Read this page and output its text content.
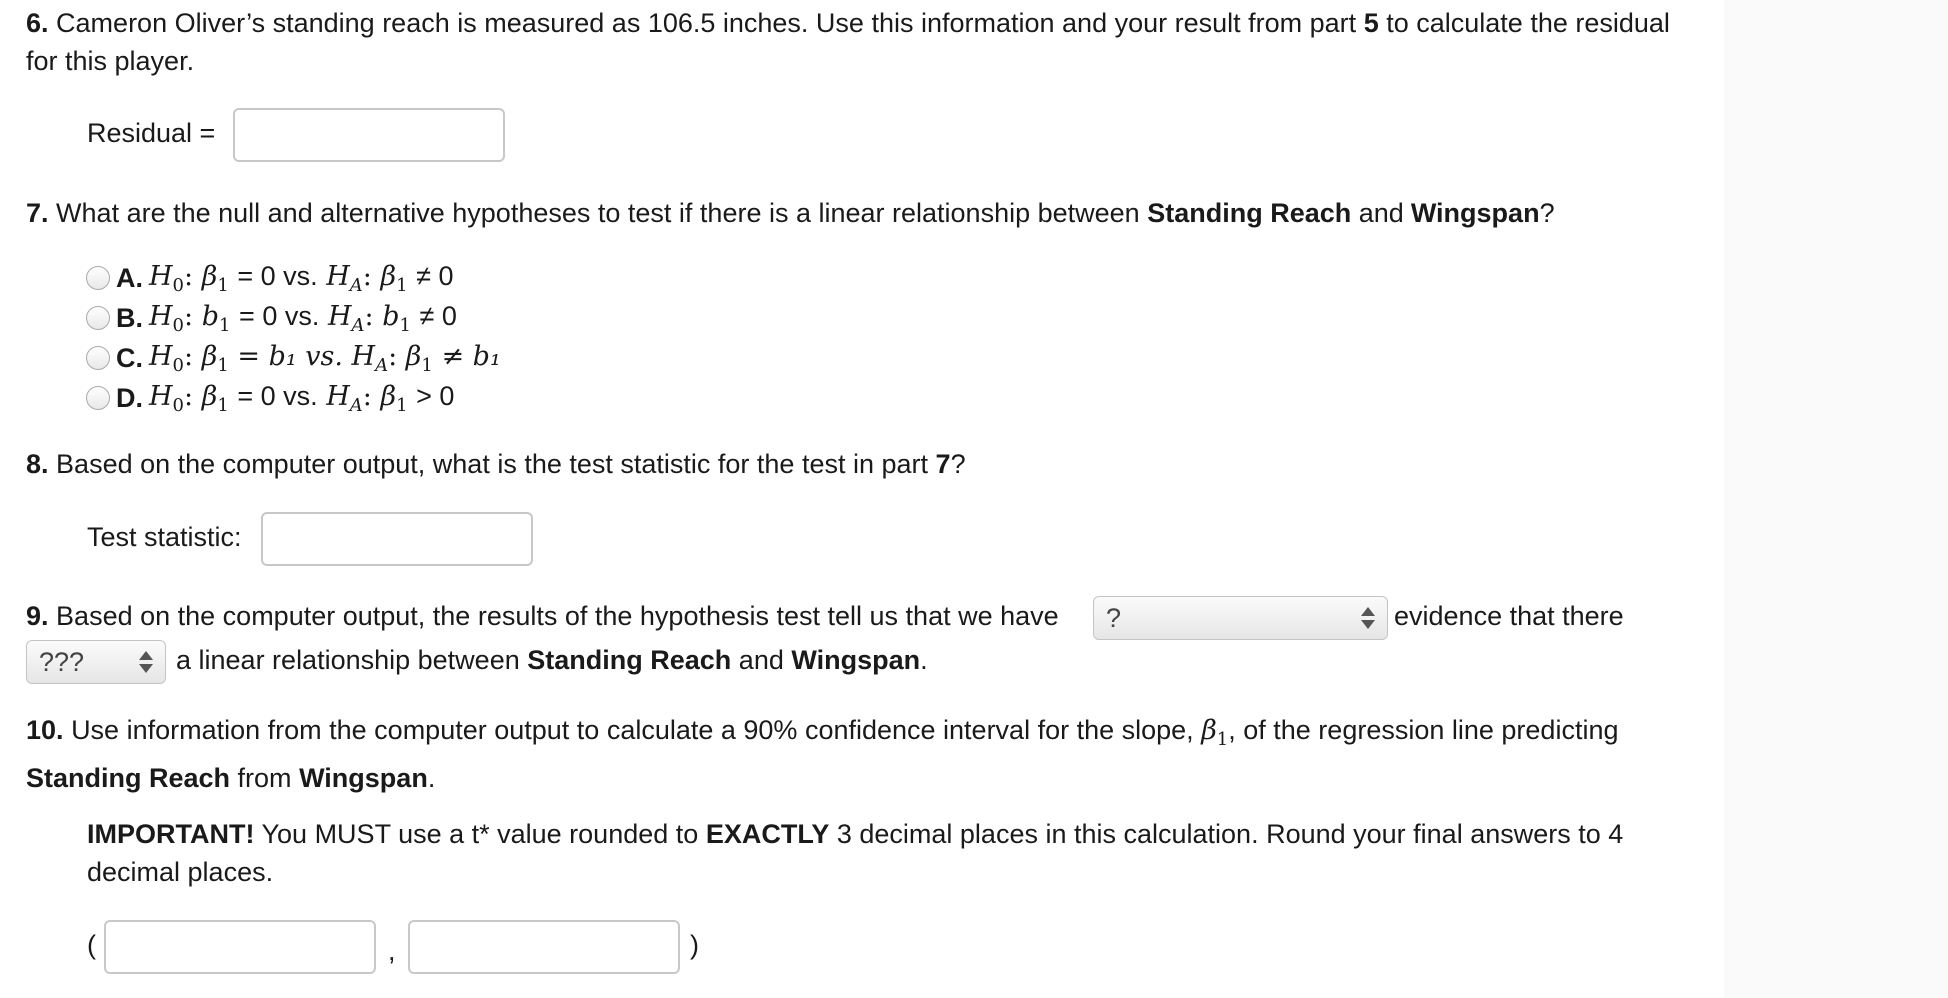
6. Cameron Oliver’s standing reach is measured as 106.5 inches. Use this information and your result from part 5 to calculate the residual
for this player.
Residual =
7. What are the null and alternative hypotheses to test if there is a linear relationship between Standing Reach and Wingspan?
A. $H_0$: $\beta_1 = 0$ vs. $H_A$: $\beta_1 \ne 0$
B. $H_0$: $b_1 = 0$ vs. $H_A$: $b_1 \ne 0$
C. $H_0$: $\beta_1 = b_1$ vs. $H_A$: $\beta_1 \ne b_1$
D. $H_0$: $\beta_1 = 0$ vs. $H_A$: $\beta_1 > 0$
8. Based on the computer output, what is the test statistic for the test in part 7?
Test statistic:
9. Based on the computer output, the results of the hypothesis test tell us that we have ?	evidence that there
???	a linear relationship between Standing Reach and Wingspan.
10. Use information from the computer output to calculate a 90% confidence interval for the slope, $\beta_1$, of the regression line predicting
Standing Reach from Wingspan.
IMPORTANT! You MUST use a t* value rounded to EXACTLY 3 decimal places in this calculation. Round your final answers to 4
decimal places.
(	,	)
